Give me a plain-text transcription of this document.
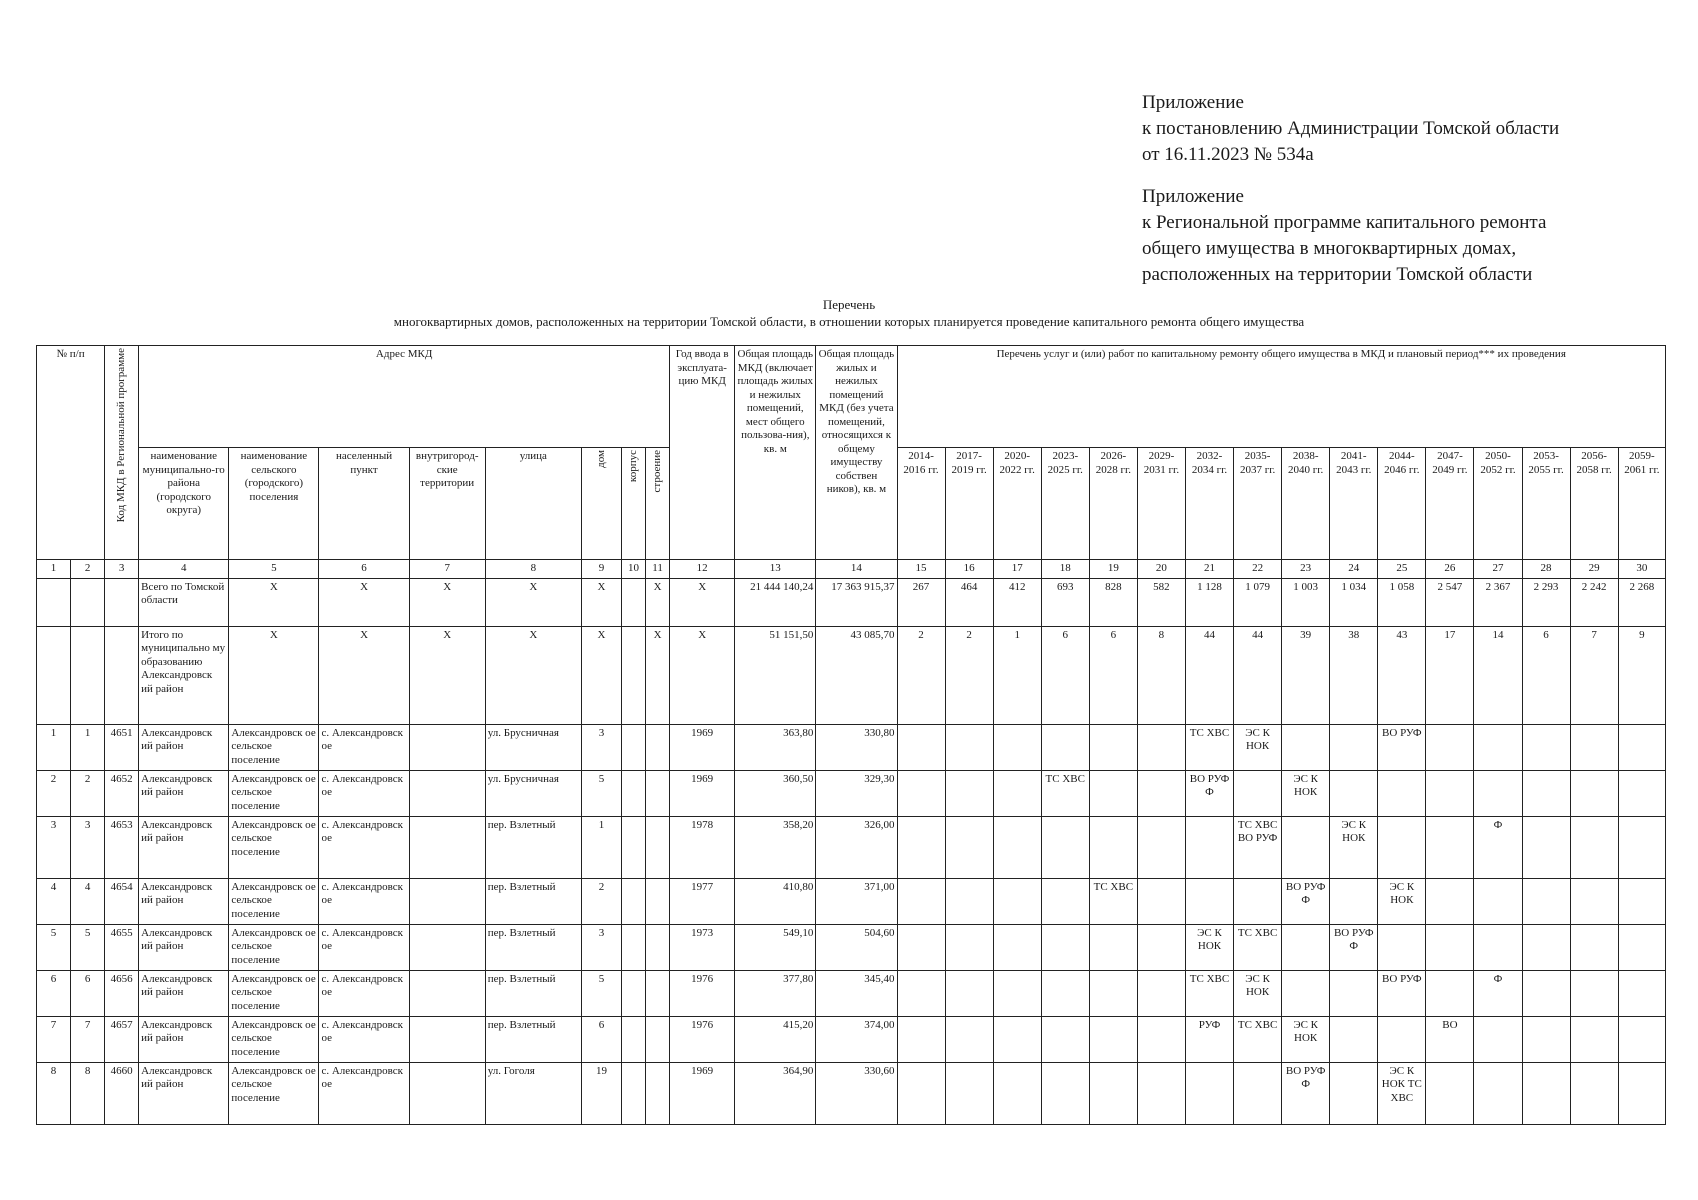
Приложение
к постановлению Администрации Томской области
от 16.11.2023 № 534а
Приложение
к Региональной программе капитального ремонта
общего имущества в многоквартирных домах,
расположенных на территории Томской области
Перечень
многоквартирных домов, расположенных на территории Томской области, в отношении которых планируется проведение капитального ремонта общего имущества
№ п/п		Код МКД в Региональной программе	Адрес МКД								Год ввода в эксплуата-цию МКД	Общая площадь МКД (включает площадь жилых и нежилых помещений, мест общего пользова-ния), кв. м	Общая площадь жилых и нежилых помещений МКД (без учета помещений, относящихся к общему имуществу собствен ников), кв. м	Перечень услуг и (или) работ по капитальному ремонту общего имущества в МКД и плановый период*** их проведения															
			наименование муниципально-го района (городского округа)	наименование сельского (городского) поселения	населенный пункт	внутригород-ские территории	улица	дом	корпус	строение				2014-2016 гг.	2017-2019 гг.	2020-2022 гг.	2023-2025 гг.	2026-2028 гг.	2029-2031 гг.	2032-2034 гг.	2035-2037 гг.	2038-2040 гг.	2041-2043 гг.	2044-2046 гг.	2047-2049 гг.	2050-2052 гг.	2053-2055 гг.	2056-2058 гг.	2059-2061 гг.
1	2	3	4	5	6	7	8	9	10	11	12	13	14	15	16	17	18	19	20	21	22	23	24	25	26	27	28	29	30
			Всего по Томской области	X	X	X	X	X		X	X	21 444 140,24	17 363 915,37	267	464	412	693	828	582	1 128	1 079	1 003	1 034	1 058	2 547	2 367	2 293	2 242	2 268
			Итого по муниципально му образованию Александровск ий район	X	X	X	X	X		X	X	51 151,50	43 085,70	2	2	1	6	6	8	44	44	39	38	43	17	14	6	7	9
1	1	4651	Александровск ий район	Александровск ое сельское поселение	с. Александровск ое		ул. Брусничная	3			1969	363,80	330,80							ТС ХВС	ЭС К НОК			ВО РУФ					
2	2	4652	Александровск ий район	Александровск ое сельское поселение	с. Александровск ое		ул. Брусничная	5			1969	360,50	329,30				ТС ХВС			ВО РУФ Ф		ЭС К НОК							
3	3	4653	Александровск ий район	Александровск ое сельское поселение	с. Александровск ое		пер. Взлетный	1			1978	358,20	326,00								ТС ХВС ВО РУФ		ЭС К НОК			Ф			
4	4	4654	Александровск ий район	Александровск ое сельское поселение	с. Александровск ое		пер. Взлетный	2			1977	410,80	371,00					ТС ХВС				ВО РУФ Ф		ЭС К НОК					
5	5	4655	Александровск ий район	Александровск ое сельское поселение	с. Александровск ое		пер. Взлетный	3			1973	549,10	504,60							ЭС К НОК	ТС ХВС		ВО РУФ Ф						
6	6	4656	Александровск ий район	Александровск ое сельское поселение	с. Александровск ое		пер. Взлетный	5			1976	377,80	345,40							ТС ХВС	ЭС К НОК			ВО РУФ		Ф			
7	7	4657	Александровск ий район	Александровск ое сельское поселение	с. Александровск ое		пер. Взлетный	6			1976	415,20	374,00							РУФ	ТС ХВС	ЭС К НОК			ВО				
8	8	4660	Александровск ий район	Александровск ое сельское поселение	с. Александровск ое		ул. Гоголя	19			1969	364,90	330,60									ВО РУФ Ф		ЭС К НОК ТС ХВС					
